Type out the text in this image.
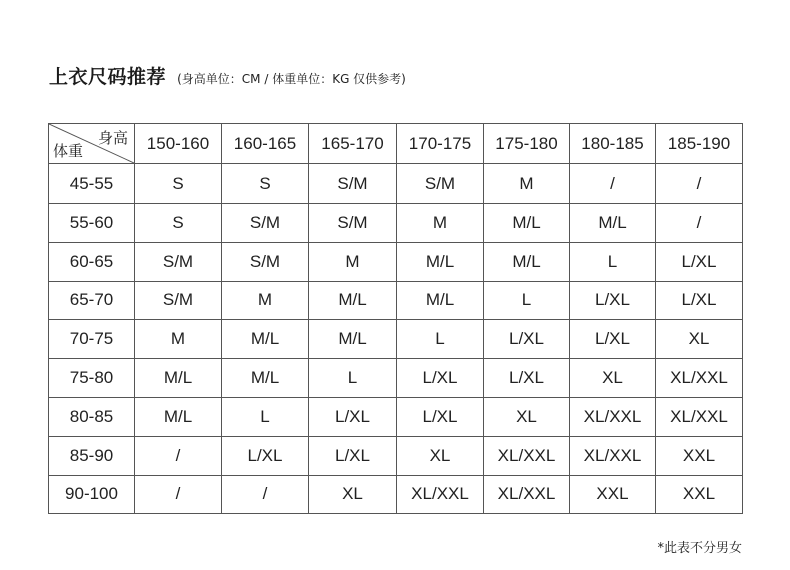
上衣尺码推荐 (身高单位：CM / 体重单位：KG 仅供参考)
身高
体重	150-160	160-165	165-170	170-175	175-180	180-185	185-190
45-55	S	S	S/M	S/M	M	/	/
55-60	S	S/M	S/M	M	M/L	M/L	/
60-65	S/M	S/M	M	M/L	M/L	L	L/XL
65-70	S/M	M	M/L	M/L	L	L/XL	L/XL
70-75	M	M/L	M/L	L	L/XL	L/XL	XL
75-80	M/L	M/L	L	L/XL	L/XL	XL	XL/XXL
80-85	M/L	L	L/XL	L/XL	XL	XL/XXL	XL/XXL
85-90	/	L/XL	L/XL	XL	XL/XXL	XL/XXL	XXL
90-100	/	/	XL	XL/XXL	XL/XXL	XXL	XXL
*此表不分男女
